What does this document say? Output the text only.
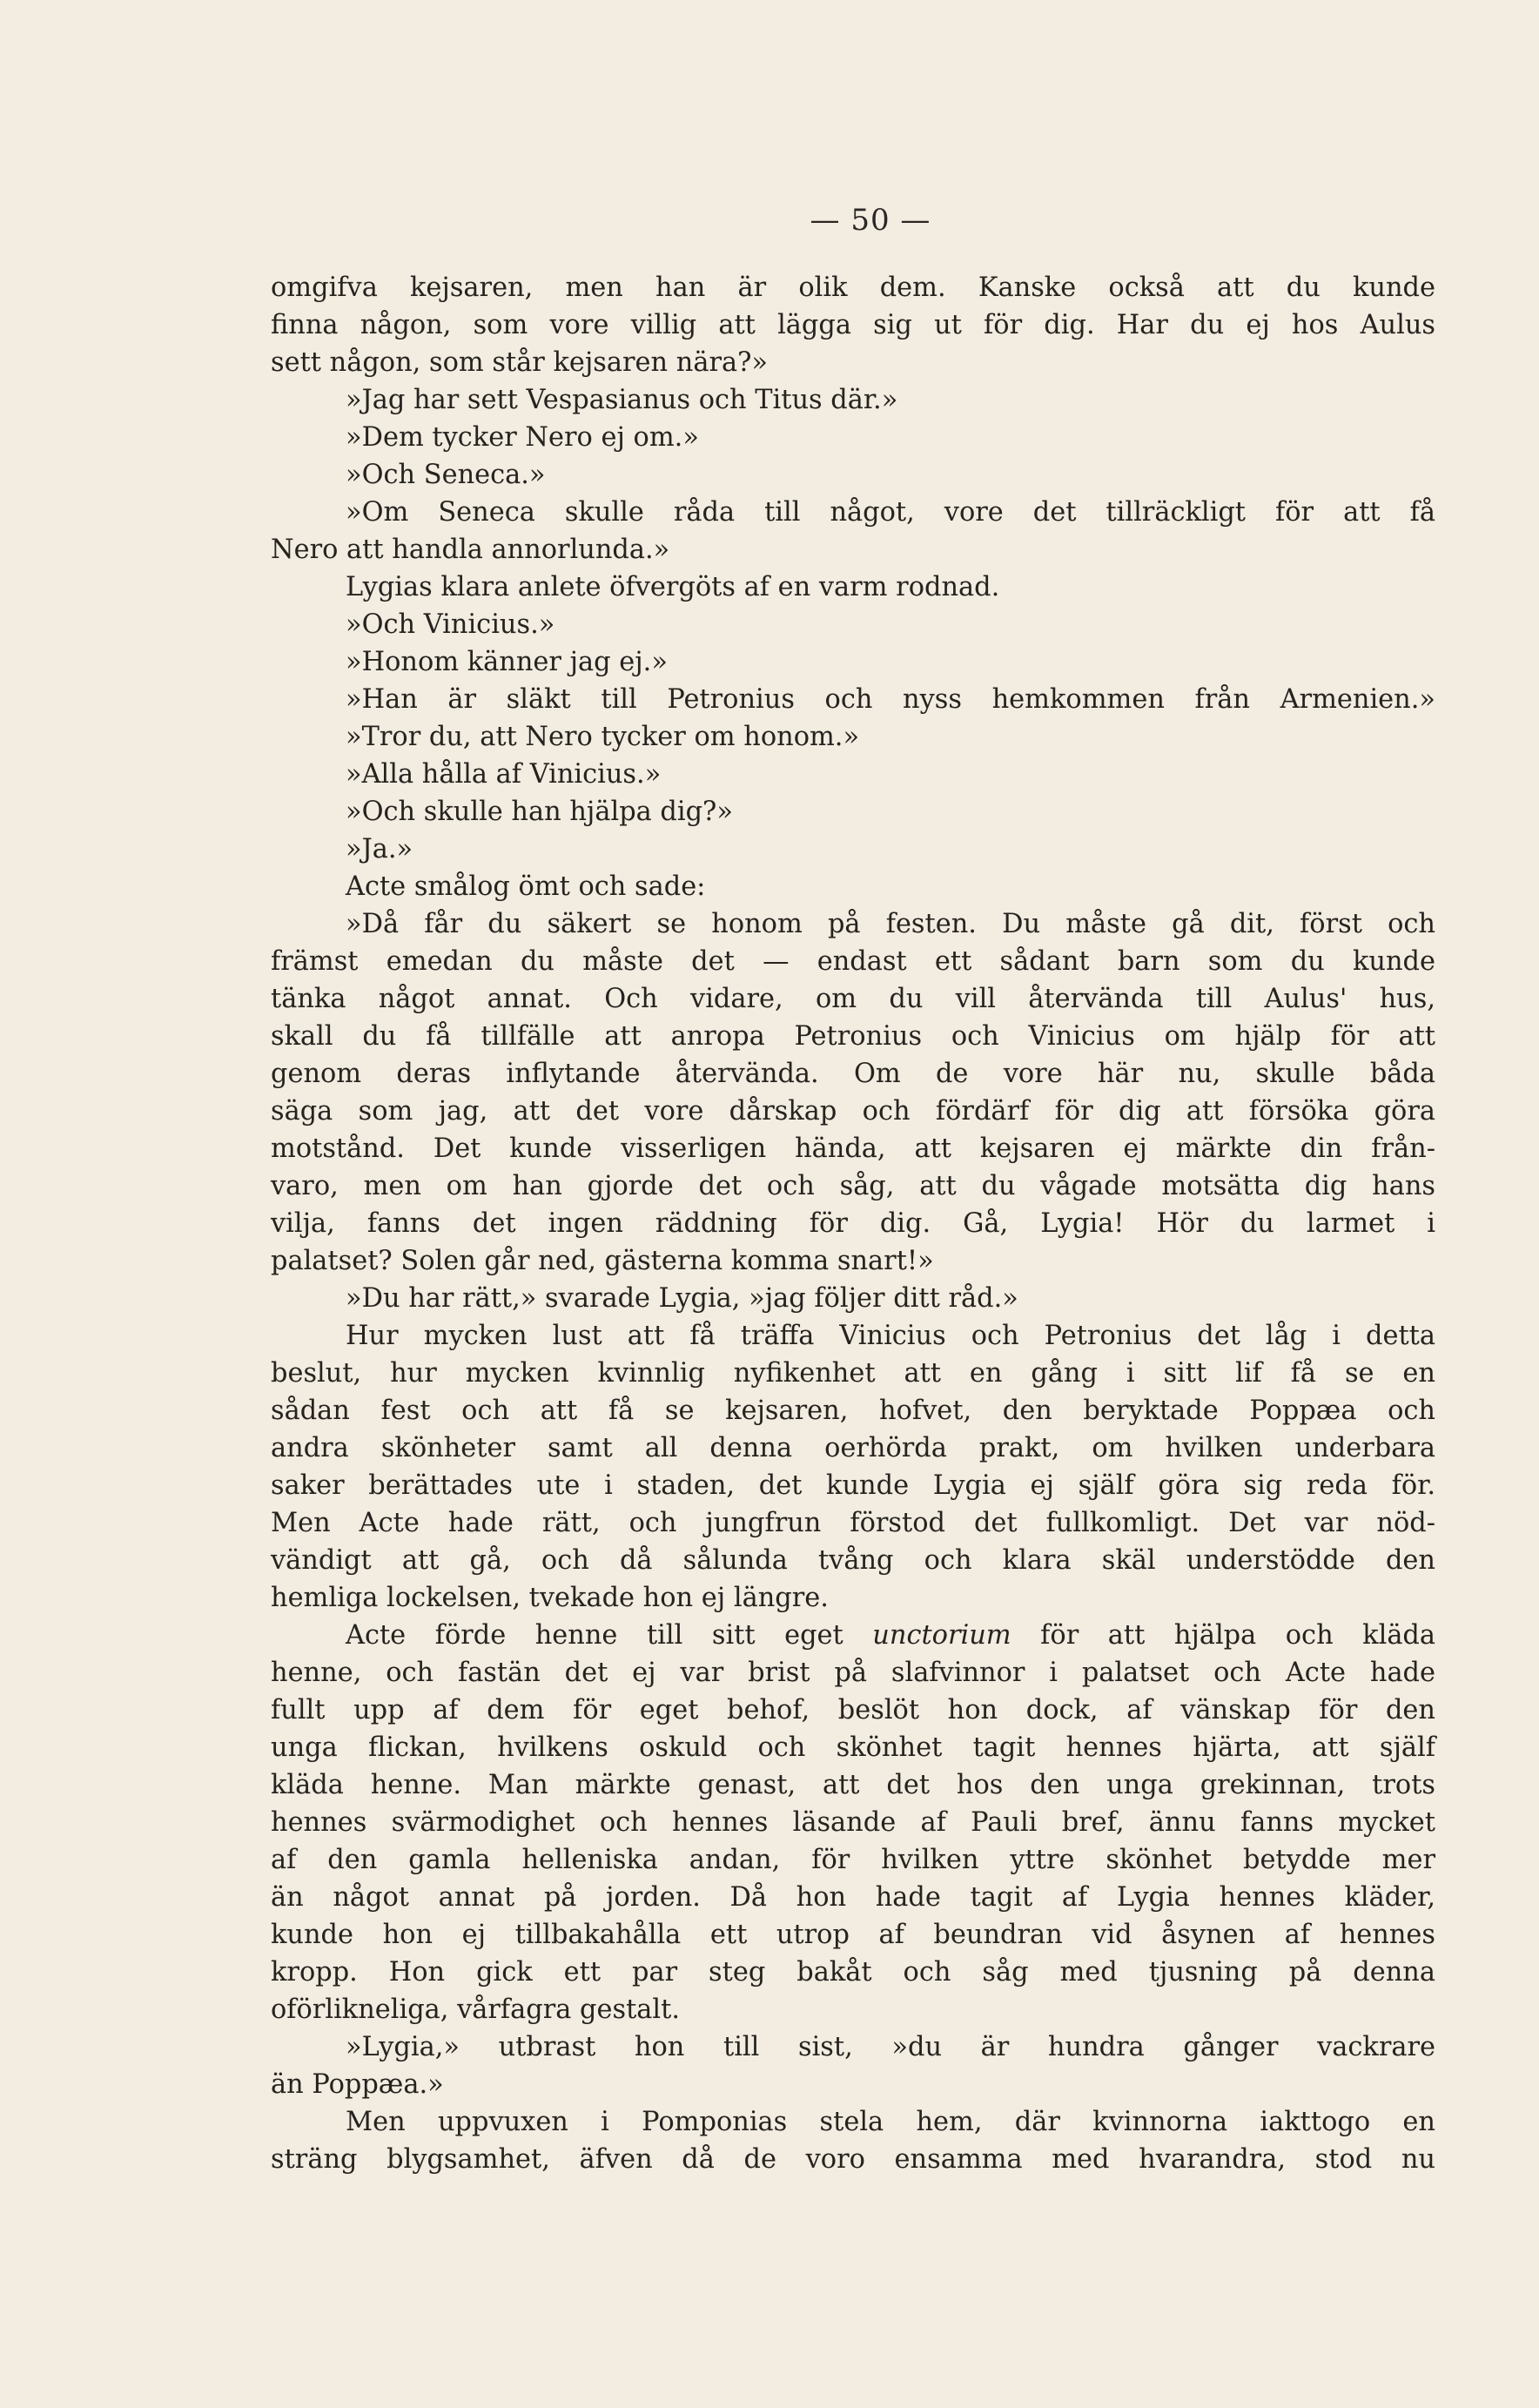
— 50 —
omgifva kejsaren, men han är olik dem. Kanske också att du kunde
finna någon, som vore villig att lägga sig ut för dig. Har du ej hos Aulus
sett någon, som står kejsaren nära?»
»Jag har sett Vespasianus och Titus där.»
»Dem tycker Nero ej om.»
»Och Seneca.»
»Om Seneca skulle råda till något, vore det tillräckligt för att få
Nero att handla annorlunda.»
Lygias klara anlete öfvergöts af en varm rodnad.
»Och Vinicius.»
»Honom känner jag ej.»
»Han är släkt till Petronius och nyss hemkommen från Armenien.»
»Tror du, att Nero tycker om honom.»
»Alla hålla af Vinicius.»
»Och skulle han hjälpa dig?»
»Ja.»
Acte smålog ömt och sade:
»Då får du säkert se honom på festen. Du måste gå dit, först och
främst emedan du måste det — endast ett sådant barn som du kunde
tänka något annat. Och vidare, om du vill återvända till Aulus' hus,
skall du få tillfälle att anropa Petronius och Vinicius om hjälp för att
genom deras inflytande återvända. Om de vore här nu, skulle båda
säga som jag, att det vore dårskap och fördärf för dig att försöka göra
motstånd. Det kunde visserligen hända, att kejsaren ej märkte din från-
varo, men om han gjorde det och såg, att du vågade motsätta dig hans
vilja, fanns det ingen räddning för dig. Gå, Lygia! Hör du larmet i
palatset? Solen går ned, gästerna komma snart!»
»Du har rätt,» svarade Lygia, »jag följer ditt råd.»
Hur mycken lust att få träffa Vinicius och Petronius det låg i detta
beslut, hur mycken kvinnlig nyfikenhet att en gång i sitt lif få se en
sådan fest och att få se kejsaren, hofvet, den beryktade Poppæa och
andra skönheter samt all denna oerhörda prakt, om hvilken underbara
saker berättades ute i staden, det kunde Lygia ej själf göra sig reda för.
Men Acte hade rätt, och jungfrun förstod det fullkomligt. Det var nöd-
vändigt att gå, och då sålunda tvång och klara skäl understödde den
hemliga lockelsen, tvekade hon ej längre.
Acte förde henne till sitt eget unctorium för att hjälpa och kläda
henne, och fastän det ej var brist på slafvinnor i palatset och Acte hade
fullt upp af dem för eget behof, beslöt hon dock, af vänskap för den
unga flickan, hvilkens oskuld och skönhet tagit hennes hjärta, att själf
kläda henne. Man märkte genast, att det hos den unga grekinnan, trots
hennes svärmodighet och hennes läsande af Pauli bref, ännu fanns mycket
af den gamla helleniska andan, för hvilken yttre skönhet betydde mer
än något annat på jorden. Då hon hade tagit af Lygia hennes kläder,
kunde hon ej tillbakahålla ett utrop af beundran vid åsynen af hennes
kropp. Hon gick ett par steg bakåt och såg med tjusning på denna
oförlikneliga, vårfagra gestalt.
»Lygia,» utbrast hon till sist, »du är hundra gånger vackrare
än Poppæa.»
Men uppvuxen i Pomponias stela hem, där kvinnorna iakttogo en
sträng blygsamhet, äfven då de voro ensamma med hvarandra, stod nu
